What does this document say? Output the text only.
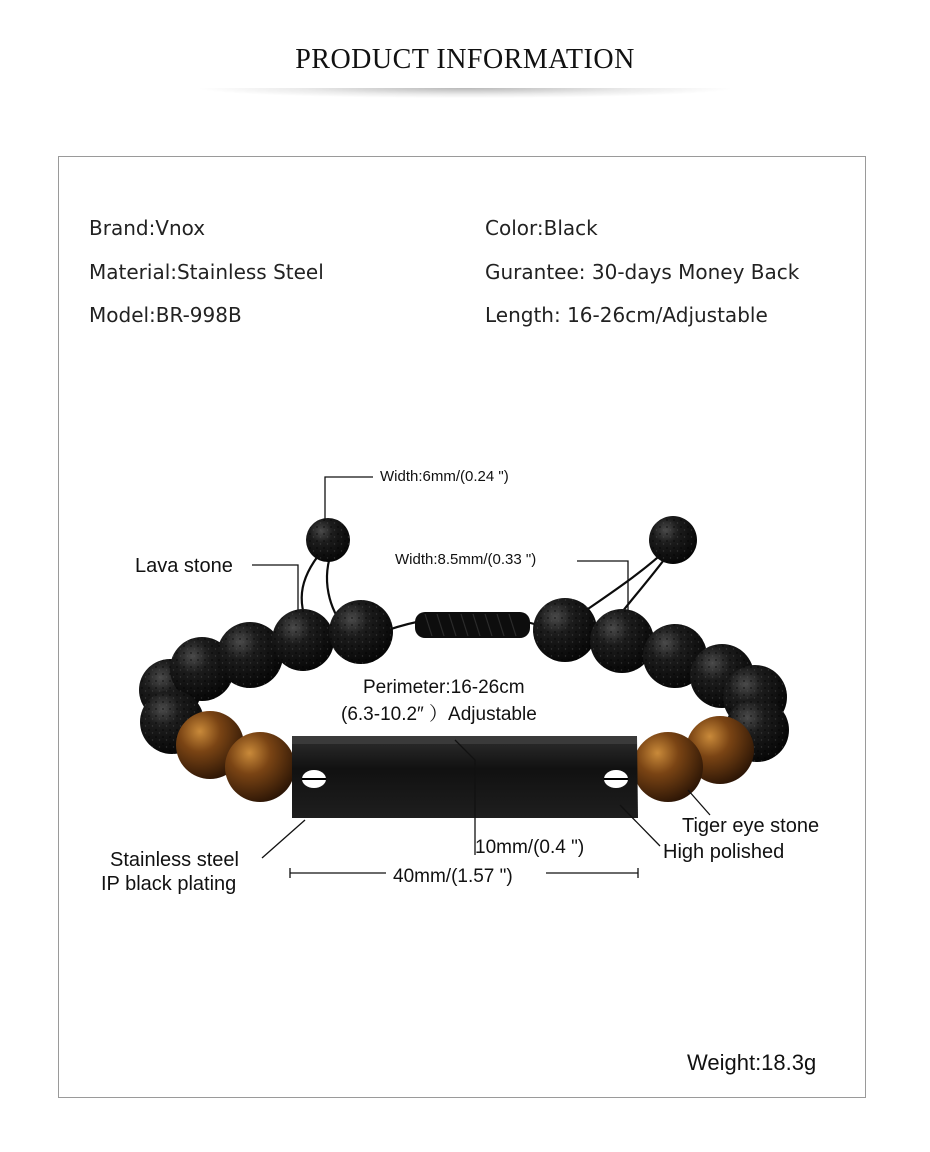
PRODUCT INFORMATION
Brand:Vnox
Material:Stainless Steel
Model:BR-998B
Color:Black
Gurantee: 30-days Money Back
Length: 16-26cm/Adjustable
Width:6mm/(0.24 ")
Width:8.5mm/(0.33 ")
Lava stone
Perimeter:16-26cm
(6.3-10.2″ ）Adjustable
Tiger eye stone
High polished
10mm/(0.4 ")
40mm/(1.57 ")
Stainless steel
IP black plating
Weight:18.3g
